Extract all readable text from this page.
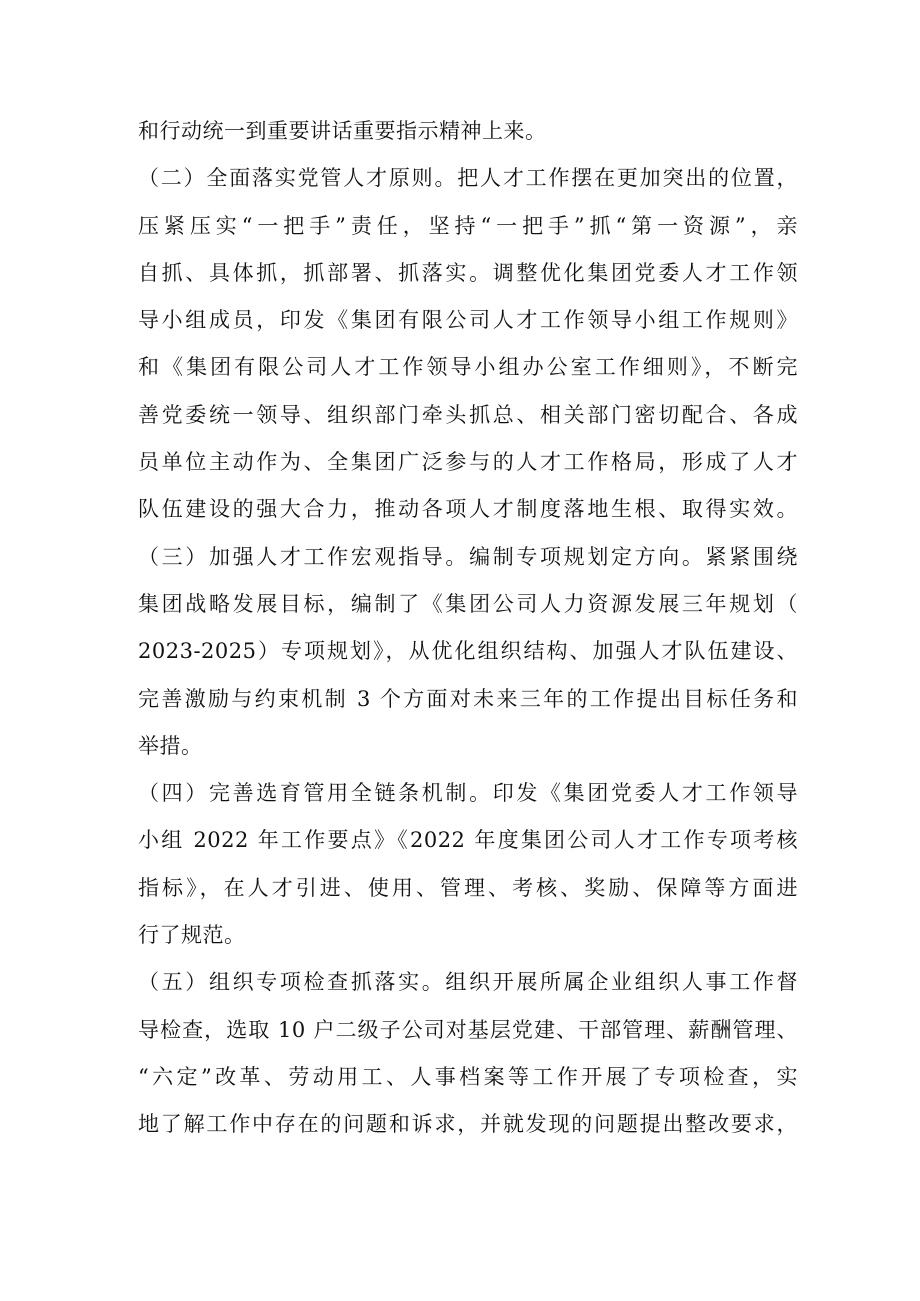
和行动统一到重要讲话重要指示精神上来。
（二）全面落实党管人才原则。把人才工作摆在更加突出的位置，
压紧压实“一把手”责任，坚持“一把手”抓“第一资源”，亲
自抓、具体抓，抓部署、抓落实。调整优化集团党委人才工作领
导小组成员，印发《集团有限公司人才工作领导小组工作规则》
和《集团有限公司人才工作领导小组办公室工作细则》，不断完
善党委统一领导、组织部门牵头抓总、相关部门密切配合、各成
员单位主动作为、全集团广泛参与的人才工作格局，形成了人才
队伍建设的强大合力，推动各项人才制度落地生根、取得实效。
（三）加强人才工作宏观指导。编制专项规划定方向。紧紧围绕
集团战略发展目标，编制了《集团公司人力资源发展三年规划（
2023-2025）专项规划》，从优化组织结构、加强人才队伍建设、
完善激励与约束机制 3 个方面对未来三年的工作提出目标任务和
举措。
（四）完善选育管用全链条机制。印发《集团党委人才工作领导
小组 2022 年工作要点》《2022 年度集团公司人才工作专项考核
指标》，在人才引进、使用、管理、考核、奖励、保障等方面进
行了规范。
（五）组织专项检查抓落实。组织开展所属企业组织人事工作督
导检查，选取 10 户二级子公司对基层党建、干部管理、薪酬管理、
“六定”改革、劳动用工、人事档案等工作开展了专项检查，实
地了解工作中存在的问题和诉求，并就发现的问题提出整改要求，
